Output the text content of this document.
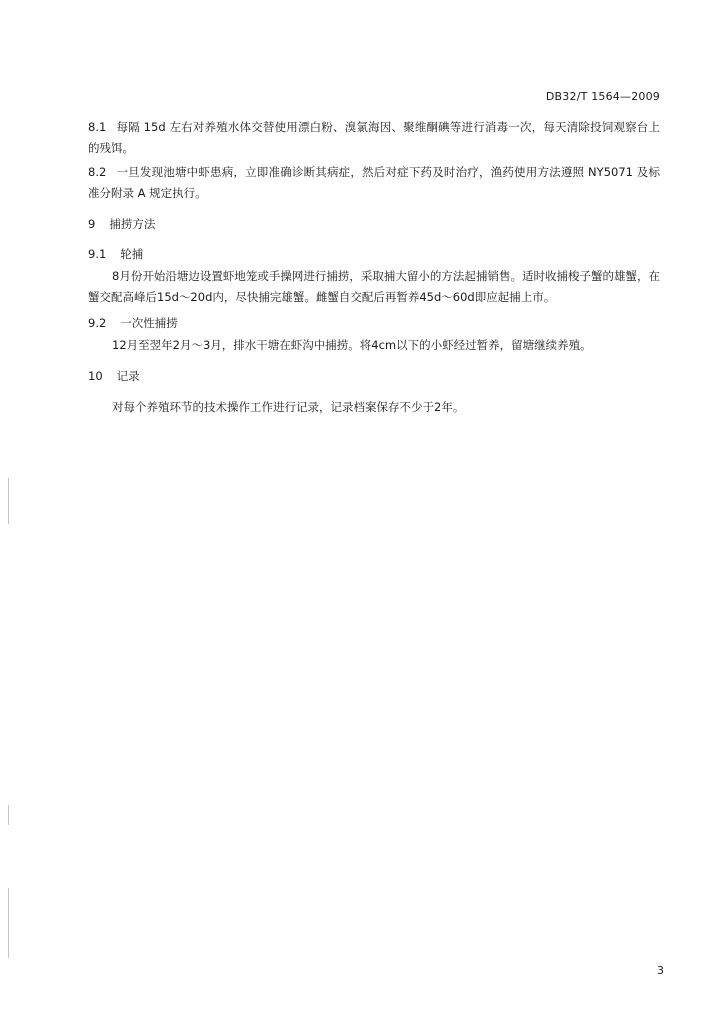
DB32/T 1564—2009
8.1 每隔 15d 左右对养殖水体交替使用漂白粉、溴氯海因、聚维酮碘等进行消毒一次，每天清除投饲观察台上的残饵。
8.2 一旦发现池塘中虾患病，立即准确诊断其病症，然后对症下药及时治疗，渔药使用方法遵照 NY5071 及标准分附录 A 规定执行。
9 捕捞方法
9.1 轮捕
8月份开始沿塘边设置虾地笼或手操网进行捕捞，采取捕大留小的方法起捕销售。适时收捕梭子蟹的雄蟹，在蟹交配高峰后15d～20d内，尽快捕完雄蟹。雌蟹自交配后再暂养45d～60d即应起捕上市。
9.2 一次性捕捞
12月至翌年2月～3月，排水干塘在虾沟中捕捞。将4cm以下的小虾经过暂养，留塘继续养殖。
10 记录
对每个养殖环节的技术操作工作进行记录，记录档案保存不少于2年。
3
